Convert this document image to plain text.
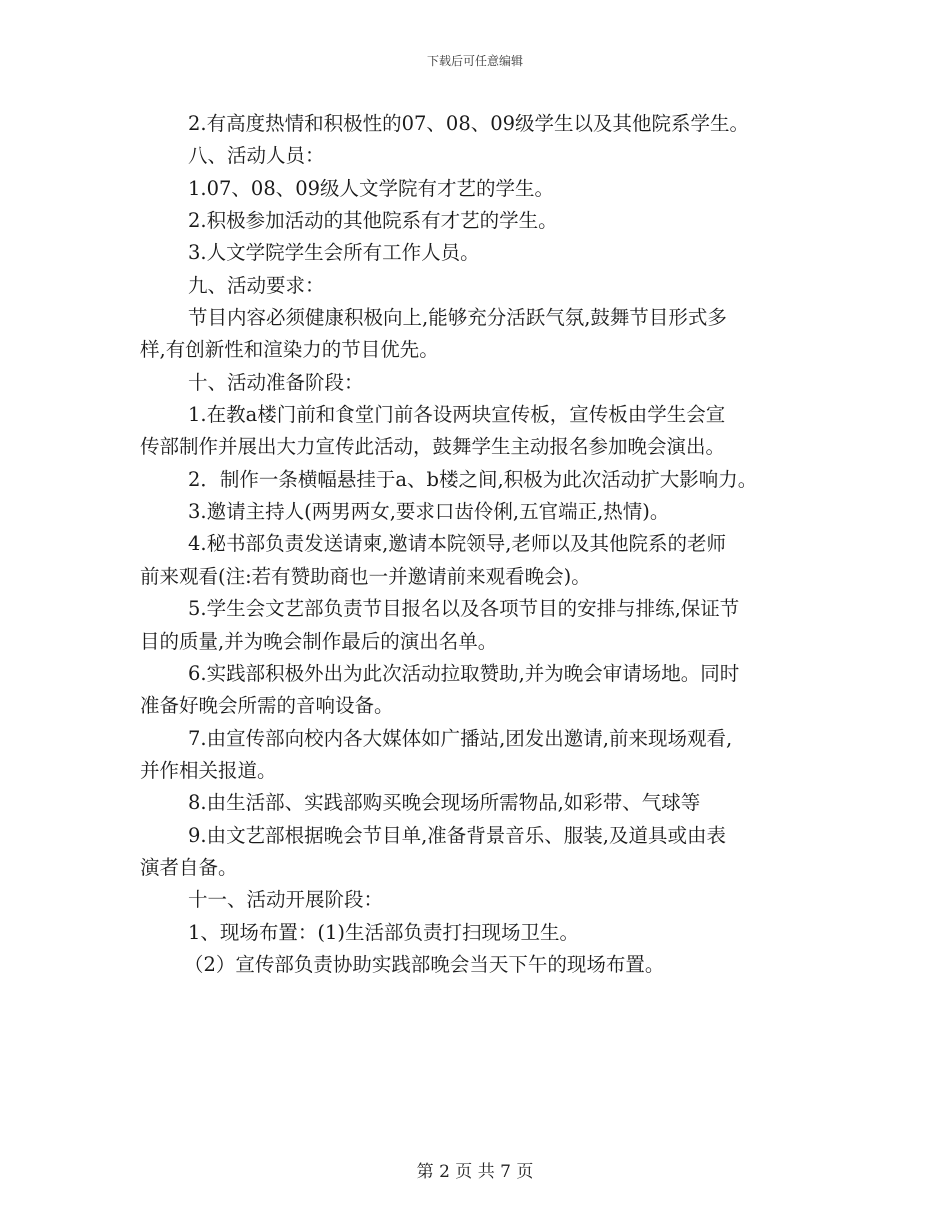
下载后可任意编辑
2.有高度热情和积极性的07、08、09级学生以及其他院系学生。
八、活动人员：
1.07、08、09级人文学院有才艺的学生。
2.积极参加活动的其他院系有才艺的学生。
3.人文学院学生会所有工作人员。
九、活动要求：
节目内容必须健康积极向上,能够充分活跃气氛,鼓舞节目形式多
样,有创新性和渲染力的节目优先。
十、活动准备阶段：
1.在教a楼门前和食堂门前各设两块宣传板，宣传板由学生会宣
传部制作并展出大力宣传此活动，鼓舞学生主动报名参加晚会演出。
2．制作一条横幅悬挂于a、b楼之间,积极为此次活动扩大影响力。
3.邀请主持人(两男两女,要求口齿伶俐,五官端正,热情)。
4.秘书部负责发送请柬,邀请本院领导,老师以及其他院系的老师
前来观看(注:若有赞助商也一并邀请前来观看晚会)。
5.学生会文艺部负责节目报名以及各项节目的安排与排练,保证节
目的质量,并为晚会制作最后的演出名单。
6.实践部积极外出为此次活动拉取赞助,并为晚会审请场地。同时
准备好晚会所需的音响设备。
7.由宣传部向校内各大媒体如广播站,团发出邀请,前来现场观看,
并作相关报道。
8.由生活部、实践部购买晚会现场所需物品,如彩带、气球等
9.由文艺部根据晚会节目单,准备背景音乐、服装,及道具或由表
演者自备。
十一、活动开展阶段：
1、现场布置：(1)生活部负责打扫现场卫生。
（2）宣传部负责协助实践部晚会当天下午的现场布置。
第 2 页 共 7 页
